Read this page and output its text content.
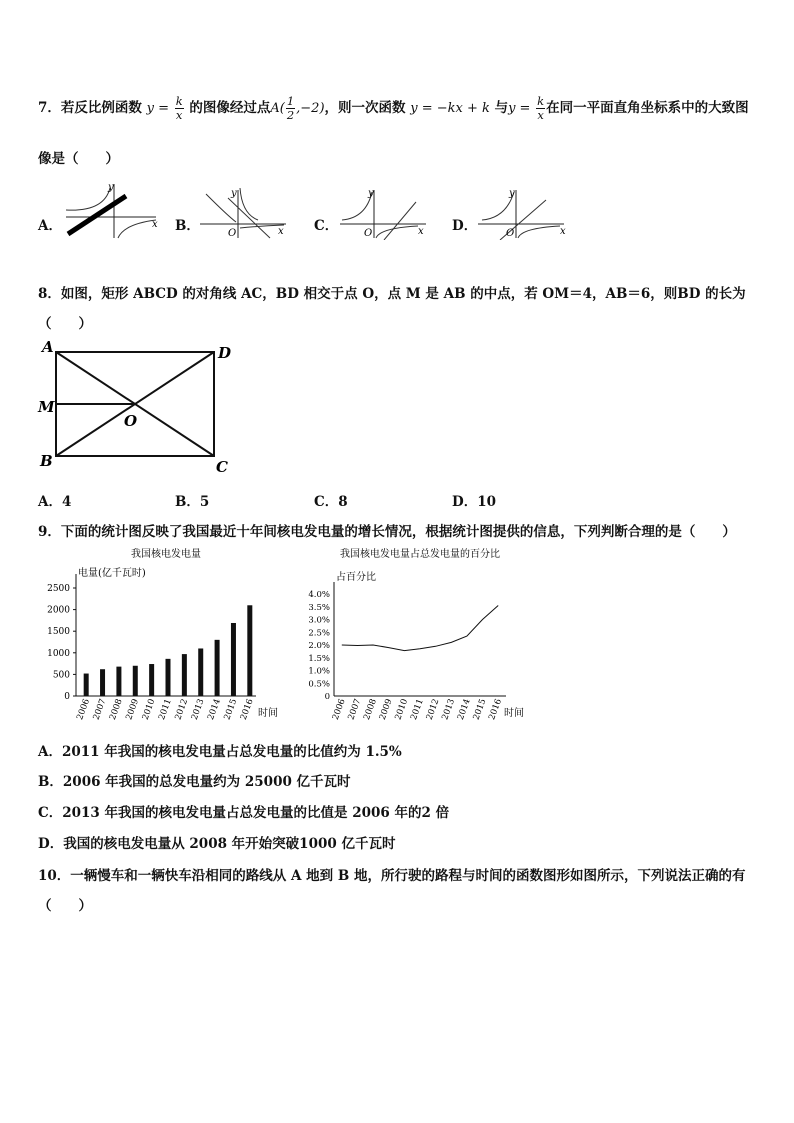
7．若反比例函数 $y = \frac{k}{x}$ 的图像经过点$A( \frac{1}{2} ,-2)$，则一次函数 y = −kx + k 与$y = \frac{k}{x}$ 在同一平面直角坐标系中的大致图
像是（　　）
A．
y
x B．
y
O	x C．
y
O	x D．
y
O	x
8．如图，矩形 ABCD 的对角线 AC，BD 相交于点 O，点 M 是 AB 的中点，若 OM＝4，AB＝6，则BD 的长为
（　　）
A	D
M
O
B	C
A．4	B．5	C．8	D．10
9．下面的统计图反映了我国最近十年间核电发电量的增长情况，根据统计图提供的信息，下列判断合理的是（　　）
我国核电发电量
电量(亿千瓦时)
2006 2007 2008 2009 2010 2011 2012 2013 2014 2015 2016
0
500
1000
1500
2000
2500
时间
我国核电发电量占总发电量的百分比
占百分比
0
0.5%
1.0%
1.5%
2.0%
2.5%
3.0%
3.5%
4.0%
2006
2007
2008
2009
2010
2011
2012
2013
2014
2015
2016 时间
A．2011 年我国的核电发电量占总发电量的比值约为 1.5%
B．2006 年我国的总发电量约为 25000 亿千瓦时
C．2013 年我国的核电发电量占总发电量的比值是 2006 年的2 倍
D．我国的核电发电量从 2008 年开始突破1000 亿千瓦时
10．一辆慢车和一辆快车沿相同的路线从 A 地到 B 地，所行驶的路程与时间的函数图形如图所示，下列说法正确的有
（　　）
